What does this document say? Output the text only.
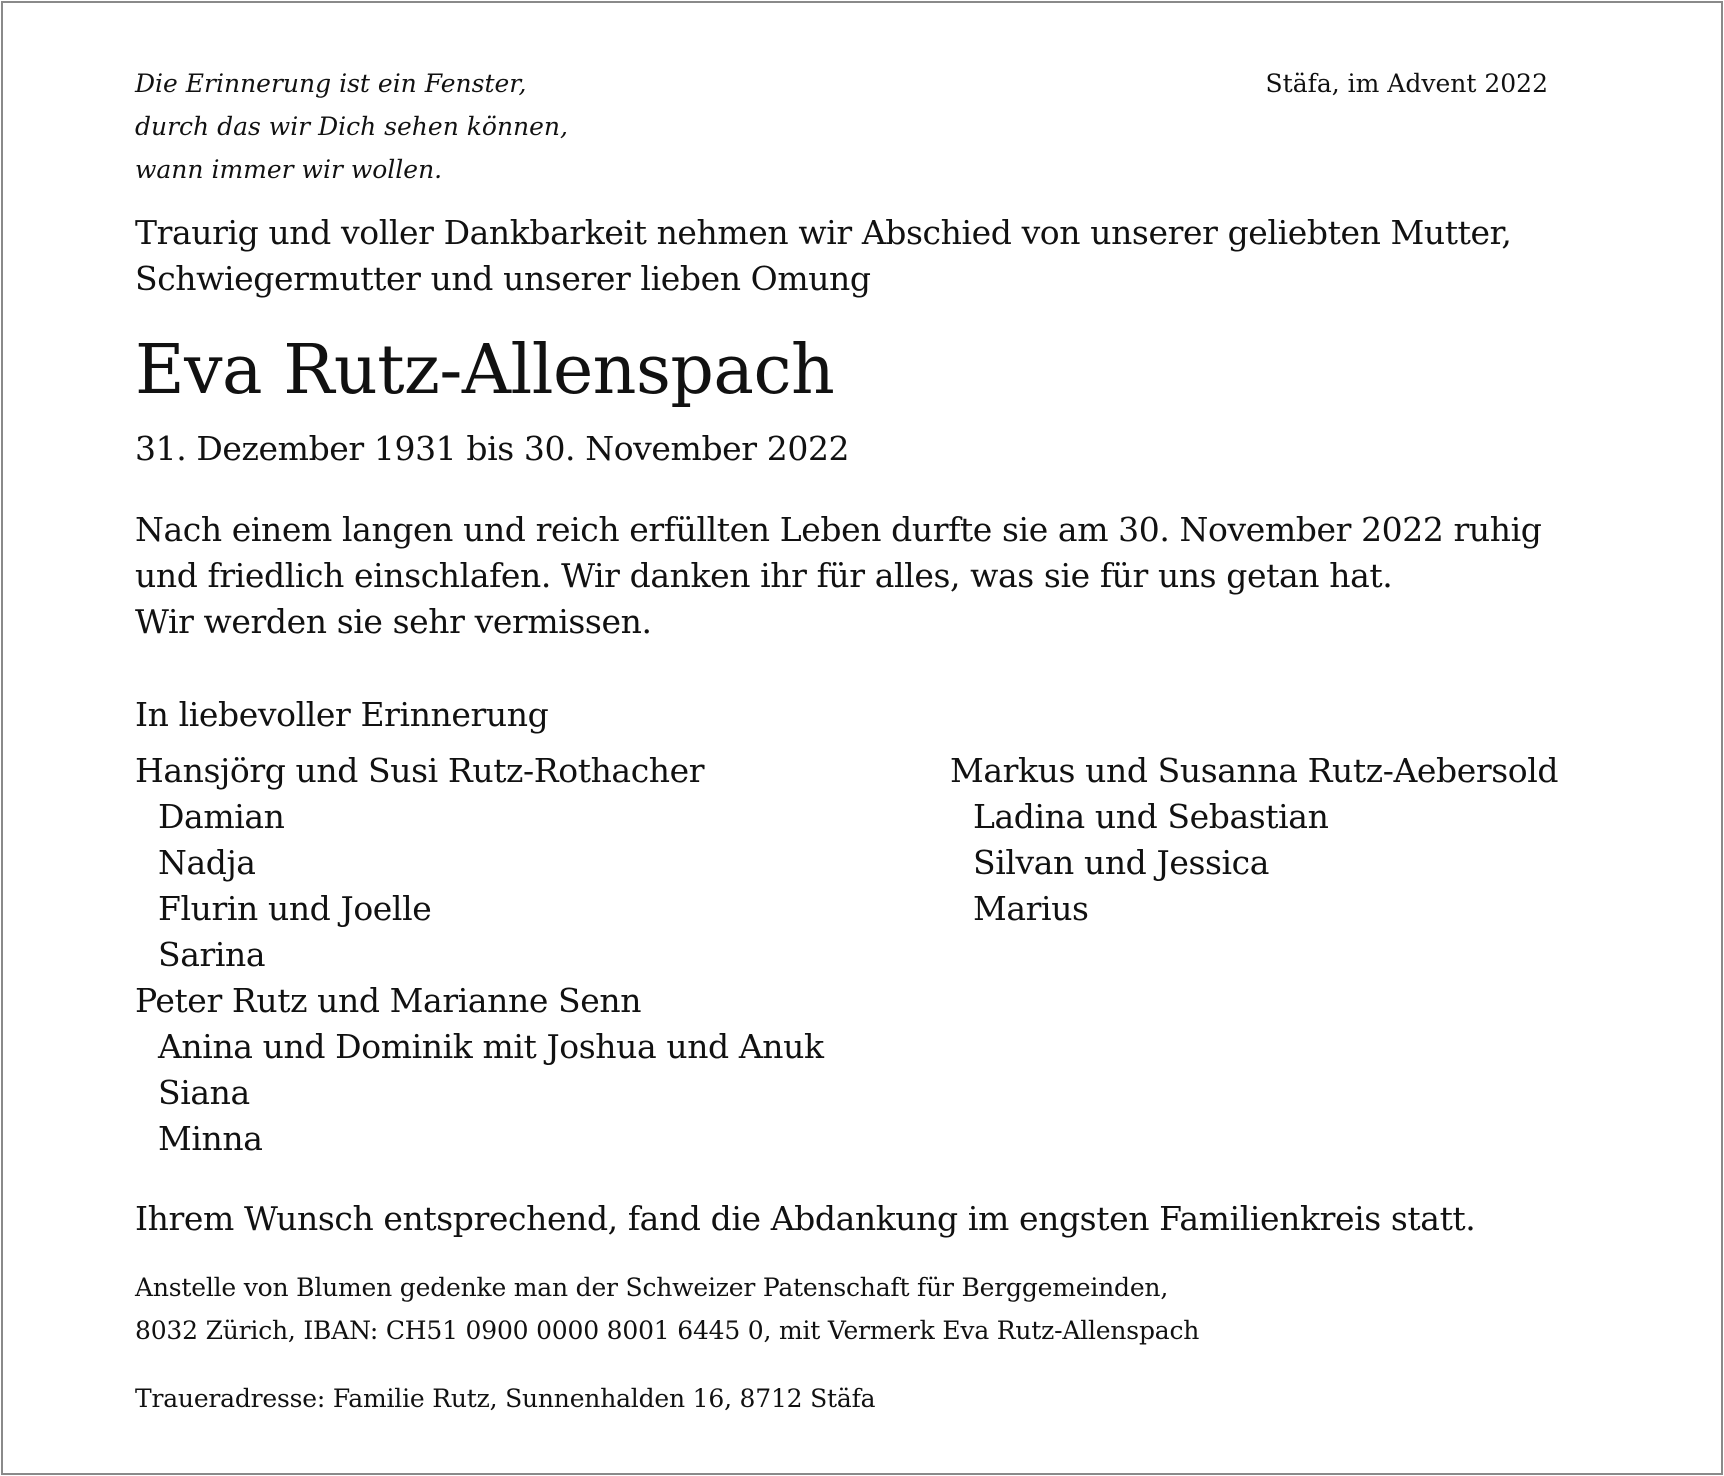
Die Erinnerung ist ein Fenster,
durch das wir Dich sehen können,
wann immer wir wollen.
Stäfa, im Advent 2022
Traurig und voller Dankbarkeit nehmen wir Abschied von unserer geliebten Mutter,
Schwiegermutter und unserer lieben Omung
Eva Rutz-Allenspach
31. Dezember 1931 bis 30. November 2022
Nach einem langen und reich erfüllten Leben durfte sie am 30. November 2022 ruhig
und friedlich einschlafen. Wir danken ihr für alles, was sie für uns getan hat.
Wir werden sie sehr vermissen.
In liebevoller Erinnerung
Hansjörg und Susi Rutz-Rothacher
Damian
Nadja
Flurin und Joelle
Sarina
Peter Rutz und Marianne Senn
Anina und Dominik mit Joshua und Anuk
Siana
Minna
Markus und Susanna Rutz-Aebersold
Ladina und Sebastian
Silvan und Jessica
Marius
Ihrem Wunsch entsprechend, fand die Abdankung im engsten Familienkreis statt.
Anstelle von Blumen gedenke man der Schweizer Patenschaft für Berggemeinden,
8032 Zürich, IBAN: CH51 0900 0000 8001 6445 0, mit Vermerk Eva Rutz-Allenspach
Traueradresse: Familie Rutz, Sunnenhalden 16, 8712 Stäfa
